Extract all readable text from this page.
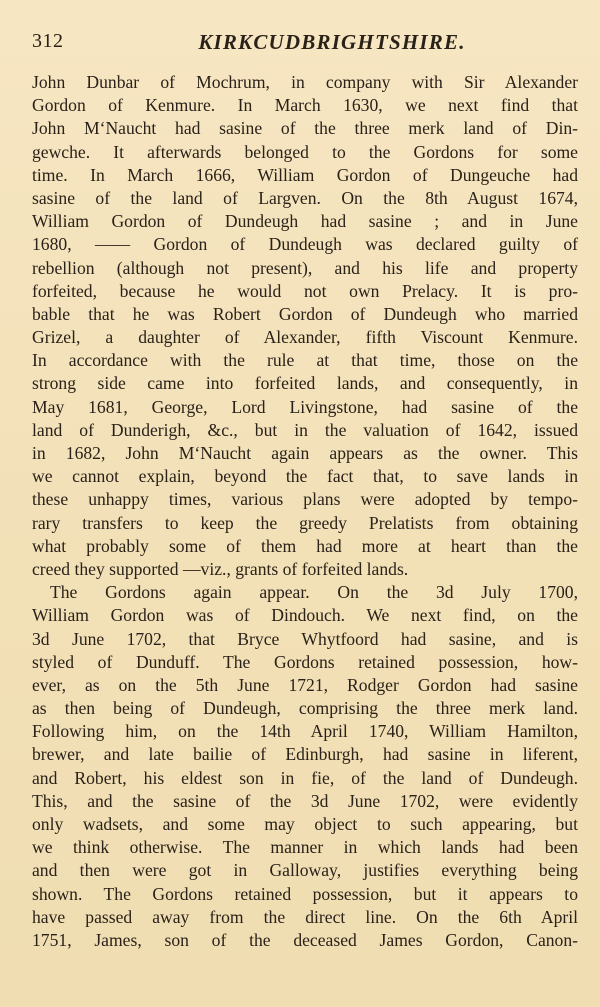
312	KIRKCUDBRIGHTSHIRE.
John Dunbar of Mochrum, in company with Sir Alexander
Gordon of Kenmure. In March 1630, we next find that
John M‘Naucht had sasine of the three merk land of Din-
gewche. It afterwards belonged to the Gordons for some
time. In March 1666, William Gordon of Dungeuche had
sasine of the land of Largven. On the 8th August 1674,
William Gordon of Dundeugh had sasine ; and in June
1680, —— Gordon of Dundeugh was declared guilty of
rebellion (although not present), and his life and property
forfeited, because he would not own Prelacy. It is pro-
bable that he was Robert Gordon of Dundeugh who married
Grizel, a daughter of Alexander, fifth Viscount Kenmure.
In accordance with the rule at that time, those on the
strong side came into forfeited lands, and consequently, in
May 1681, George, Lord Livingstone, had sasine of the
land of Dunderigh, &c., but in the valuation of 1642, issued
in 1682, John M‘Naucht again appears as the owner. This
we cannot explain, beyond the fact that, to save lands in
these unhappy times, various plans were adopted by tempo-
rary transfers to keep the greedy Prelatists from obtaining
what probably some of them had more at heart than the
creed they supported —viz., grants of forfeited lands.
The Gordons again appear. On the 3d July 1700,
William Gordon was of Dindouch. We next find, on the
3d June 1702, that Bryce Whytfoord had sasine, and is
styled of Dunduff. The Gordons retained possession, how-
ever, as on the 5th June 1721, Rodger Gordon had sasine
as then being of Dundeugh, comprising the three merk land.
Following him, on the 14th April 1740, William Hamilton,
brewer, and late bailie of Edinburgh, had sasine in liferent,
and Robert, his eldest son in fie, of the land of Dundeugh.
This, and the sasine of the 3d June 1702, were evidently
only wadsets, and some may object to such appearing, but
we think otherwise. The manner in which lands had been
and then were got in Galloway, justifies everything being
shown. The Gordons retained possession, but it appears to
have passed away from the direct line. On the 6th April
1751, James, son of the deceased James Gordon, Canon-
